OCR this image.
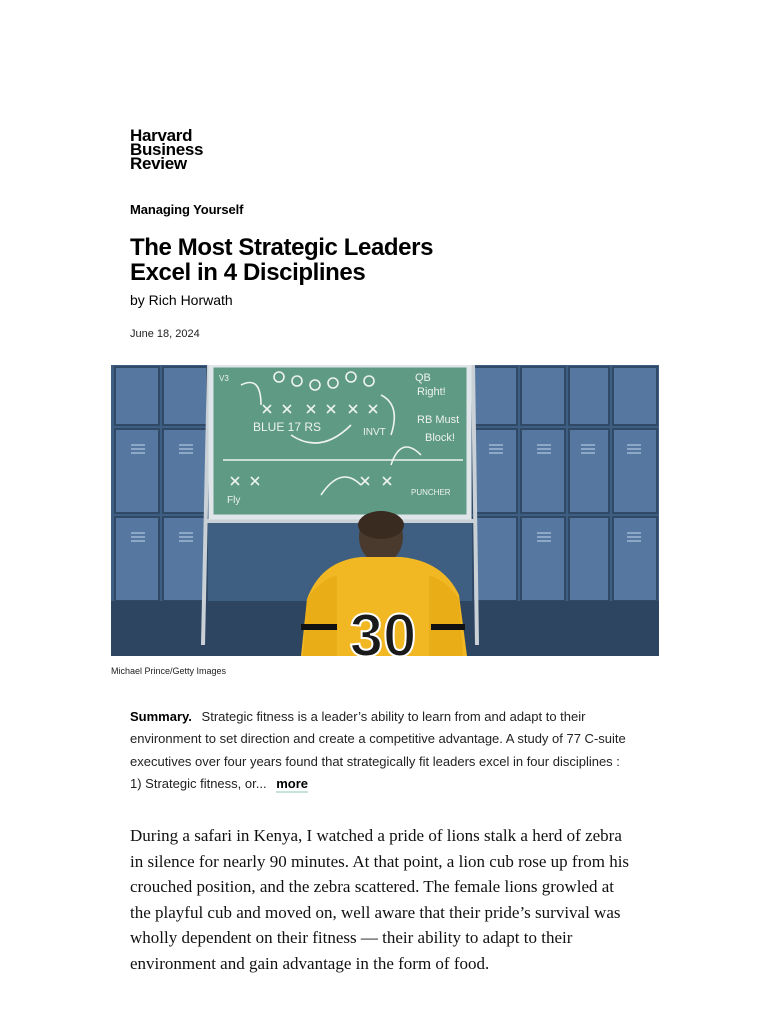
Harvard
Business
Review
Managing Yourself
The Most Strategic Leaders
Excel in 4 Disciplines
by Rich Horwath
June 18, 2024
BLUE 17 RS	INVT
V3
Fly
PUNCHER
QB
Right!
RB Must
Block!
30
Michael Prince/Getty Images
Summary. Strategic fitness is a leader’s ability to learn from and adapt to their environment to set direction and create a competitive advantage. A study of 77 C-suite executives over four years found that strategically fit leaders excel in four disciplines : 1) Strategic fitness, or... more

During a safari in Kenya, I watched a pride of lions stalk a herd of zebra in silence for nearly 90 minutes. At that point, a lion cub rose up from his crouched position, and the zebra scattered. The female lions growled at the playful cub and moved on, well aware that their pride’s survival was wholly dependent on their fitness — their ability to adapt to their environment and gain advantage in the form of food.
